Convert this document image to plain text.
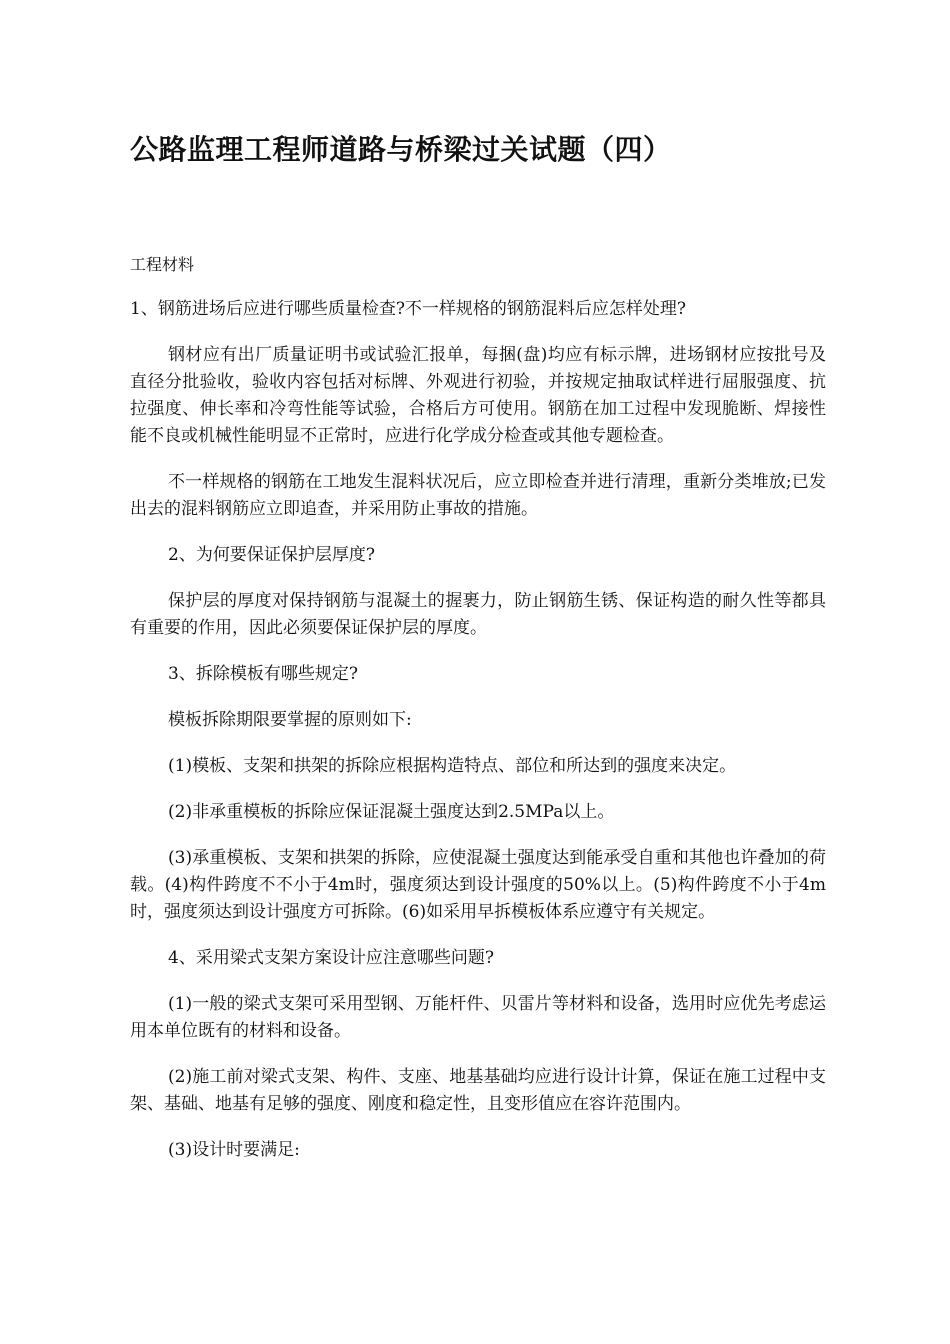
公路监理工程师道路与桥梁过关试题（四）

工程材料

1、钢筋进场后应进行哪些质量检查?不一样规格的钢筋混料后应怎样处理?

钢材应有出厂质量证明书或试验汇报单，每捆(盘)均应有标示牌，进场钢材应按批号及直径分批验收，验收内容包括对标牌、外观进行初验，并按规定抽取试样进行屈服强度、抗拉强度、伸长率和冷弯性能等试验，合格后方可使用。钢筋在加工过程中发现脆断、焊接性能不良或机械性能明显不正常时，应进行化学成分检查或其他专题检查。

不一样规格的钢筋在工地发生混料状况后，应立即检查并进行清理，重新分类堆放;已发出去的混料钢筋应立即追查，并采用防止事故的措施。

2、为何要保证保护层厚度?

保护层的厚度对保持钢筋与混凝土的握裹力，防止钢筋生锈、保证构造的耐久性等都具有重要的作用，因此必须要保证保护层的厚度。

3、拆除模板有哪些规定?

模板拆除期限要掌握的原则如下:

(1)模板、支架和拱架的拆除应根据构造特点、部位和所达到的强度来决定。

(2)非承重模板的拆除应保证混凝土强度达到2.5MPa以上。

(3)承重模板、支架和拱架的拆除，应使混凝土强度达到能承受自重和其他也许叠加的荷载。(4)构件跨度不不小于4m时，强度须达到设计强度的50%以上。(5)构件跨度不小于4m时，强度须达到设计强度方可拆除。(6)如采用早拆模板体系应遵守有关规定。

4、采用梁式支架方案设计应注意哪些问题?

(1)一般的梁式支架可采用型钢、万能杆件、贝雷片等材料和设备，选用时应优先考虑运用本单位既有的材料和设备。

(2)施工前对梁式支架、构件、支座、地基基础均应进行设计计算，保证在施工过程中支架、基础、地基有足够的强度、刚度和稳定性，且变形值应在容许范围内。

(3)设计时要满足:
